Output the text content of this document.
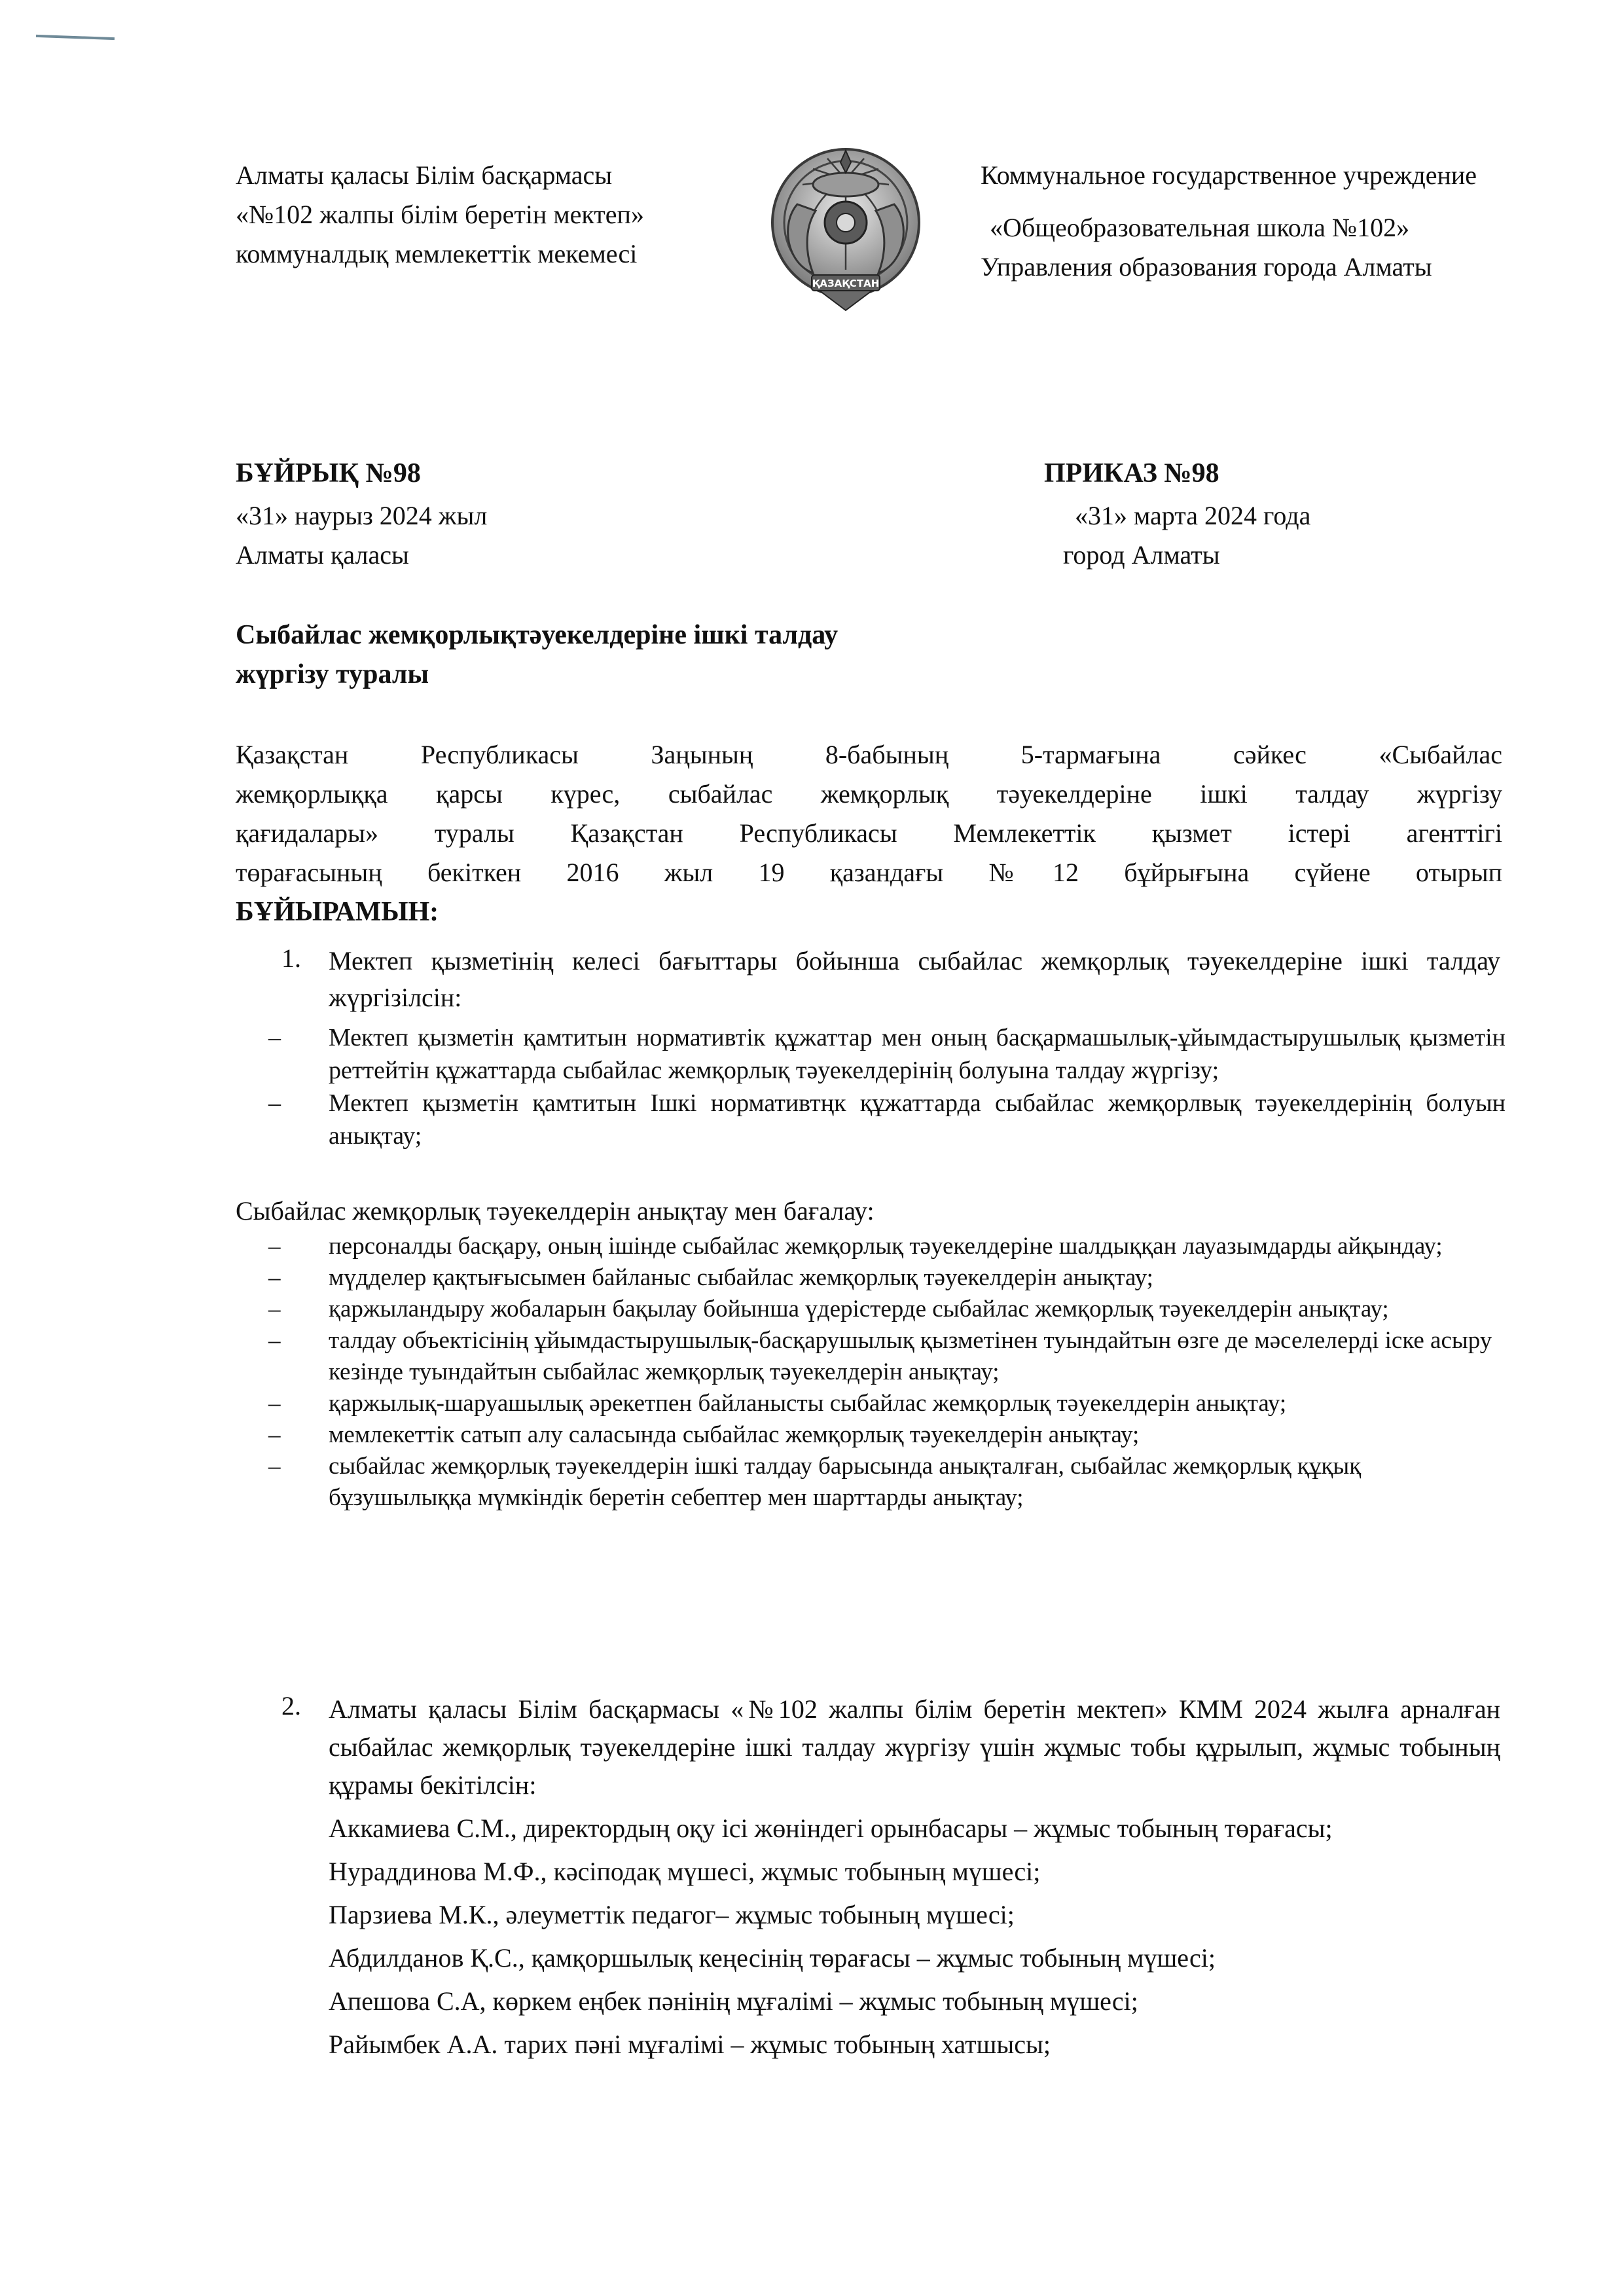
Алматы қаласы Білім басқармасы
«№102 жалпы білім беретін мектеп»
коммуналдық мемлекеттік мекемесі
ҚАЗАҚСТАН
Коммунальное государственное учреждение
«Общеобразовательная школа №102»
Управления образования города Алматы
БҰЙРЫҚ №98
«31» наурыз 2024 жыл
Алматы қаласы
ПРИКАЗ №98
«31» марта 2024 года
город Алматы
Сыбайлас жемқорлықтәуекелдеріне ішкі талдау
жүргізу туралы
Қазақстан Республикасы Заңының 8-бабының 5-тармағына сәйкес «Сыбайлас
жемқорлыққа қарсы күрес, сыбайлас жемқорлық тәуекелдеріне ішкі талдау жүргізу
қағидалары» туралы Қазақстан Республикасы Мемлекеттік қызмет істері агенттігі
төрағасының бекіткен 2016 жыл 19 қазандағы №12 бұйрығына сүйене отырып
БҰЙЫРАМЫН:
1.	Мектеп қызметінің келесі бағыттары бойынша сыбайлас жемқорлық тәуекелдеріне ішкі талдау жүргізілсін:
– Мектеп қызметін қамтитын нормативтік құжаттар мен оның басқармашылық-ұйымдастырушылық қызметін реттейтін құжаттарда сыбайлас жемқорлық тәуекелдерінің болуына талдау жүргізу;
– Мектеп қызметін қамтитын Ішкі нормативтңк құжаттарда сыбайлас жемқорлвық тәуекелдерінің болуын анықтау;
Сыбайлас жемқорлық тәуекелдерін анықтау мен бағалау:
– персоналды басқару, оның ішінде сыбайлас жемқорлық тәуекелдеріне шалдыққан лауазымдарды айқындау;
– мүдделер қақтығысымен байланыс сыбайлас жемқорлық тәуекелдерін анықтау;
– қаржыландыру жобаларын бақылау бойынша үдерістерде сыбайлас жемқорлық тәуекелдерін анықтау;
– талдау объектісінің ұйымдастырушылық-басқарушылық қызметінен туындайтын өзге де мәселелерді іске асыру кезінде туындайтын сыбайлас жемқорлық тәуекелдерін анықтау;
– қаржылық-шаруашылық әрекетпен байланысты сыбайлас жемқорлық тәуекелдерін анықтау;
– мемлекеттік сатып алу саласында сыбайлас жемқорлық тәуекелдерін анықтау;
– сыбайлас жемқорлық тәуекелдерін ішкі талдау барысында анықталған, сыбайлас жемқорлық құқық бұзушылыққа мүмкіндік беретін себептер мен шарттарды анықтау;
2.	Алматы қаласы Білім басқармасы «№102 жалпы білім беретін мектеп» КММ 2024 жылға арналған сыбайлас жемқорлық тәуекелдеріне ішкі талдау жүргізу үшін жұмыс тобы құрылып, жұмыс тобының құрамы бекітілсін:
Аккамиева С.М., директордың оқу ісі жөніндегі орынбасары – жұмыс тобының төрағасы;
Нураддинова М.Ф., кәсіподақ мүшесі, жұмыс тобының мүшесі;
Парзиева М.К., әлеуметтік педагог– жұмыс тобының мүшесі;
Абдилданов Қ.С., қамқоршылық кеңесінің төрағасы – жұмыс тобының мүшесі;
Апешова С.А, көркем еңбек пәнінің мұғалімі – жұмыс тобының мүшесі;
Райымбек А.А. тарих пәні мұғалімі – жұмыс тобының хатшысы;
